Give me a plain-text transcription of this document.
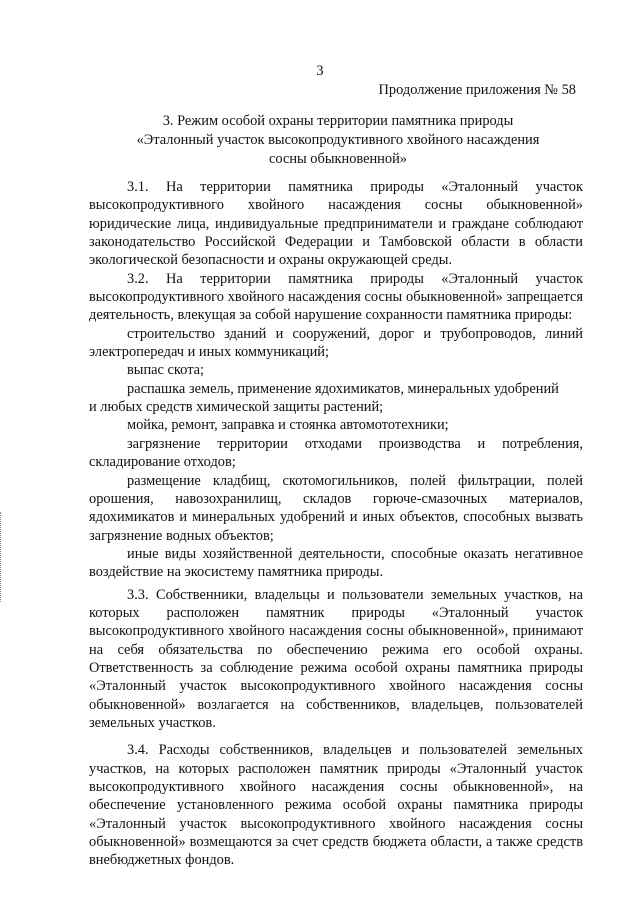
3
Продолжение приложения № 58
3. Режим особой охраны территории памятника природы
«Эталонный участок высокопродуктивного хвойного насаждения
сосны обыкновенной»

3.1. На территории памятника природы «Эталонный участок высокопродуктивного хвойного насаждения сосны обыкновенной» юридические лица, индивидуальные предприниматели и граждане соблюдают законодательство Российской Федерации и Тамбовской области в области экологической безопасности и охраны окружающей среды.

3.2. На территории памятника природы «Эталонный участок высокопродуктивного хвойного насаждения сосны обыкновенной» запрещается деятельность, влекущая за собой нарушение сохранности памятника природы:

строительство зданий и сооружений, дорог и трубопроводов, линий электропередач и иных коммуникаций;

выпас скота;

распашка земель, применение ядохимикатов, минеральных удобрений

и любых средств химической защиты растений;

мойка, ремонт, заправка и стоянка автомототехники;

загрязнение территории отходами производства и потребления, складирование отходов;

размещение кладбищ, скотомогильников, полей фильтрации, полей орошения, навозохранилищ, складов горюче-смазочных материалов, ядохимикатов и минеральных удобрений и иных объектов, способных вызвать загрязнение водных объектов;

иные виды хозяйственной деятельности, способные оказать негативное воздействие на экосистему памятника природы.

3.3. Собственники, владельцы и пользователи земельных участков, на которых расположен памятник природы «Эталонный участок высокопродуктивного хвойного насаждения сосны обыкновенной», принимают на себя обязательства по обеспечению режима его особой охраны. Ответственность за соблюдение режима особой охраны памятника природы «Эталонный участок высокопродуктивного хвойного насаждения сосны обыкновенной» возлагается на собственников, владельцев, пользователей земельных участков.

3.4. Расходы собственников, владельцев и пользователей земельных участков, на которых расположен памятник природы «Эталонный участок высокопродуктивного хвойного насаждения сосны обыкновенной», на обеспечение установленного режима особой охраны памятника природы «Эталонный участок высокопродуктивного хвойного насаждения сосны обыкновенной» возмещаются за счет средств бюджета области, а также средств внебюджетных фондов.
